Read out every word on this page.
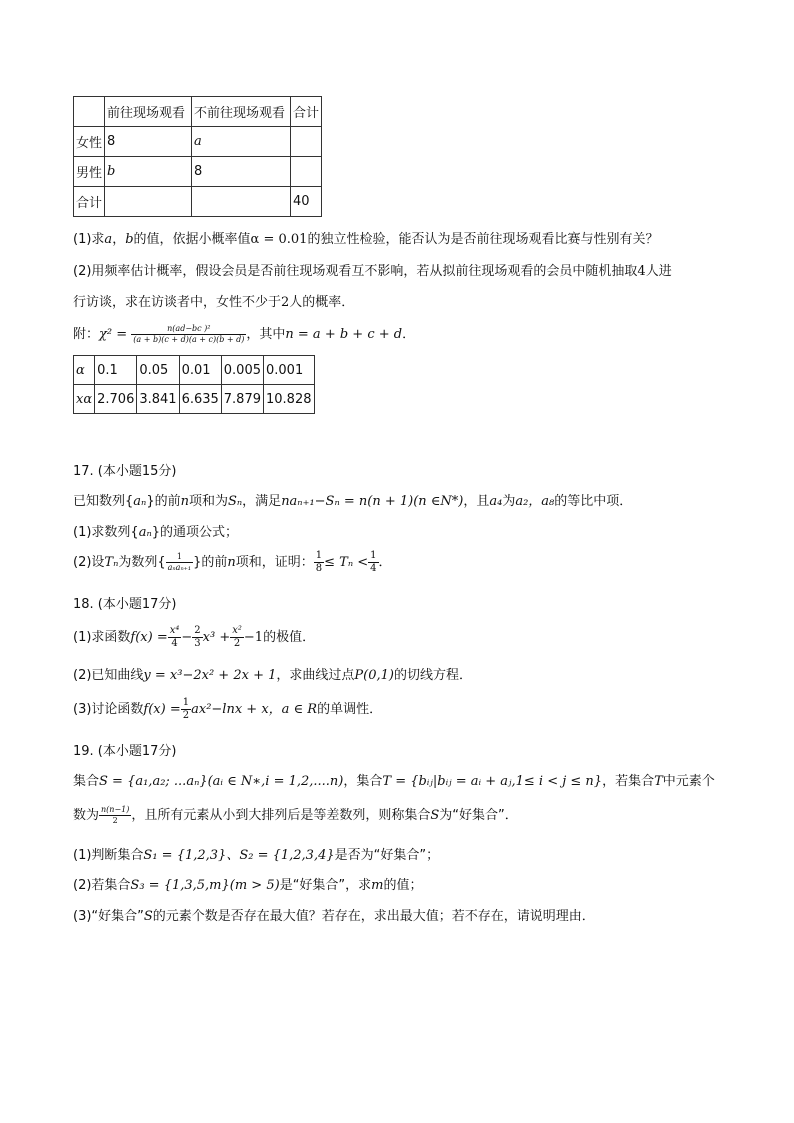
	前往现场观看	不前往现场观看	合计
女性	8	a	
男性	b	8	
合计			40
(1)求a，b的值，依据小概率值α = 0.01的独立性检验，能否认为是否前往现场观看比赛与性别有关？
(2)用频率估计概率，假设会员是否前往现场观看互不影响，若从拟前往现场观看的会员中随机抽取4人进
行访谈，求在访谈者中，女性不少于2人的概率．
附：$\chi^2 = \frac{\text{n(ad−bc )²}}{(a + b)(c + d)(a + c)(b + d)}$ ，其中n = a + b + c + d．
α	0.1	0.05	0.01	0.005	0.001
xα	2.706	3.841	6.635	7.879	10.828
17. (本小题15分)
已知数列{aₙ}的前n项和为Sₙ，满足naₙ₊₁−Sₙ = n(n + 1)(n ∈N*)，且a₄为a₂，a₈的等比中项．
(1)求数列{aₙ}的通项公式；
(2)设Tₙ为数列{ $\frac{1}{\text{aₙaₙ₊₁}}$ }的前n项和，证明： $\frac{1}{8} \le T_n < \frac{1}{4}$ ．
18. (本小题17分)
(1)求函数$f(x) = \frac{\text{x⁴}}{4} - \frac{2}{3} x^3 + \frac{\text{x²}}{2} -1$的极值．
(2)已知曲线y = x³−2x² + 2x + 1，求曲线过点P(0,1)的切线方程．
(3)讨论函数$f(x) = \frac{1}{2} ax^2-\ln x + x$，a ∈ R的单调性．
19. (本小题17分)
集合S = {a₁,a₂; ...aₙ}(aᵢ ∈ N∗,i = 1,2,....n)，集合T = {bᵢⱼ|bᵢⱼ = aᵢ + aⱼ,1≤ i < j ≤ n}，若集合T中元素个
数为 $\frac{n(n-1)}{2}$ ，且所有元素从小到大排列后是等差数列，则称集合S为“好集合”．
(1)判断集合S₁ = {1,2,3}、S₂ = {1,2,3,4}是否为“好集合”；
(2)若集合S₃ = {1,3,5,m}(m > 5)是“好集合”，求m的值；
(3)“好集合”S的元素个数是否存在最大值？若存在，求出最大值；若不存在，请说明理由．
